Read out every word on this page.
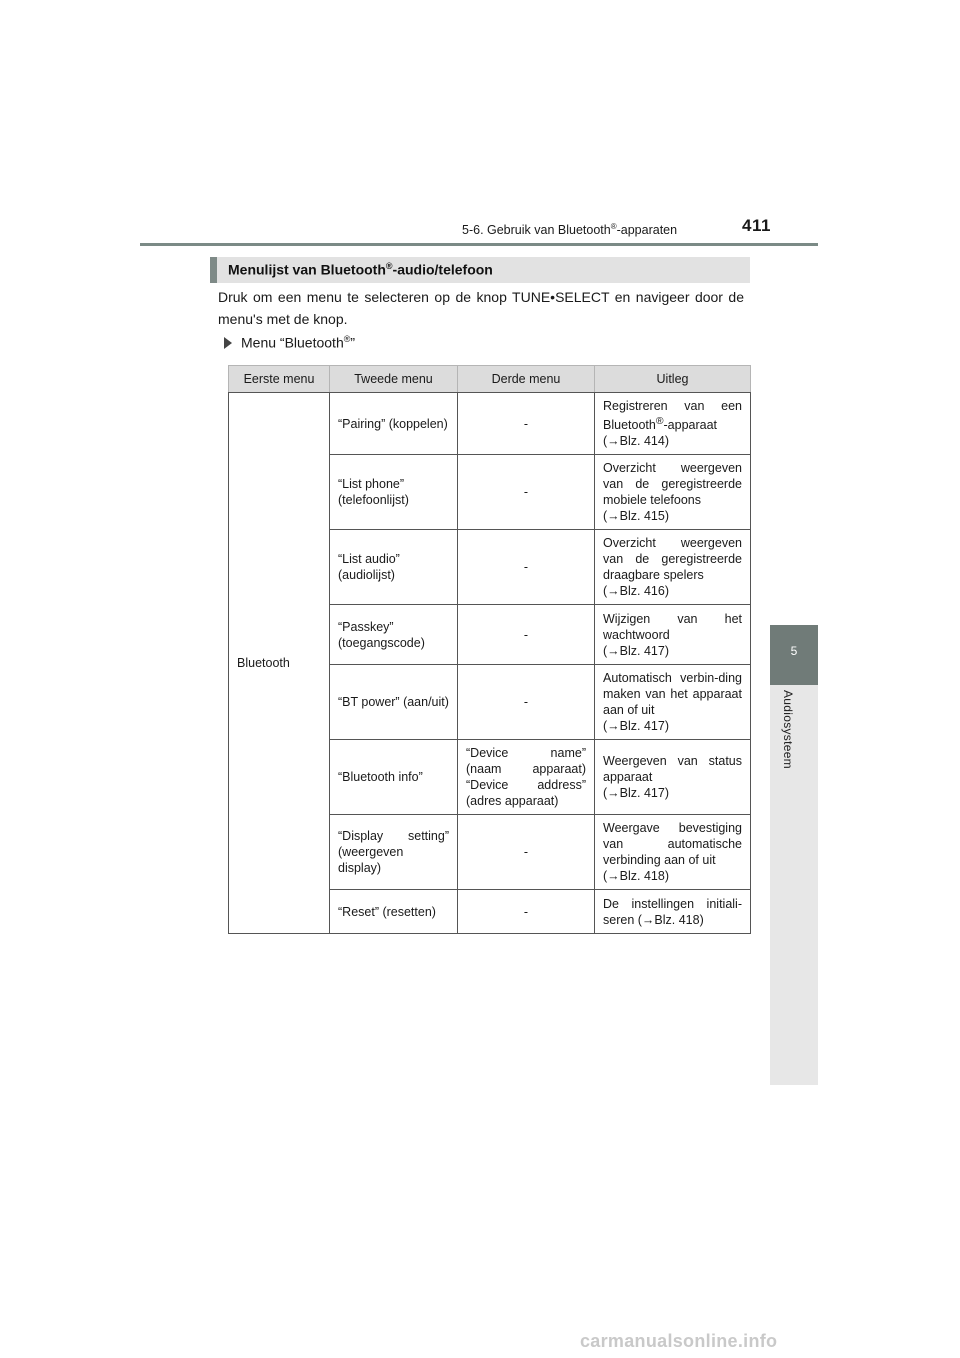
5-6. Gebruik van Bluetooth®-apparaten	411
5
Audiosysteem
Menulijst van Bluetooth®-audio/telefoon
Druk om een menu te selecteren op de knop TUNE•SELECT en navigeer door de menu's met de knop.
Menu “Bluetooth®”
Eerste menu	Tweede menu	Derde menu	Uitleg
Bluetooth	“Pairing” (koppelen)	-	Registreren van een Bluetooth®-apparaat
(→Blz. 414)

	“List phone” (telefoonlijst)	-	Overzicht weergeven van de geregistreerde mobiele telefoons
(→Blz. 415)

	“List audio” (audiolijst)	-	Overzicht weergeven van de geregistreerde draagbare spelers
(→Blz. 416)

	“Passkey” (toegangscode)	-	Wijzigen van het wachtwoord
(→Blz. 417)

	“BT power” (aan/uit)	-	Automatisch verbin-ding maken van het apparaat aan of uit
(→Blz. 417)

	“Bluetooth info”	“Device name” (naam apparaat) “Device address” (adres apparaat)	Weergeven van status apparaat
(→Blz. 417)

	“Display setting” (weergeven display)	-	Weergave bevestiging van automatische verbinding aan of uit
(→Blz. 418)

	“Reset” (resetten)	-	De instellingen initiali-seren (→Blz. 418)
carmanualsonline.info
